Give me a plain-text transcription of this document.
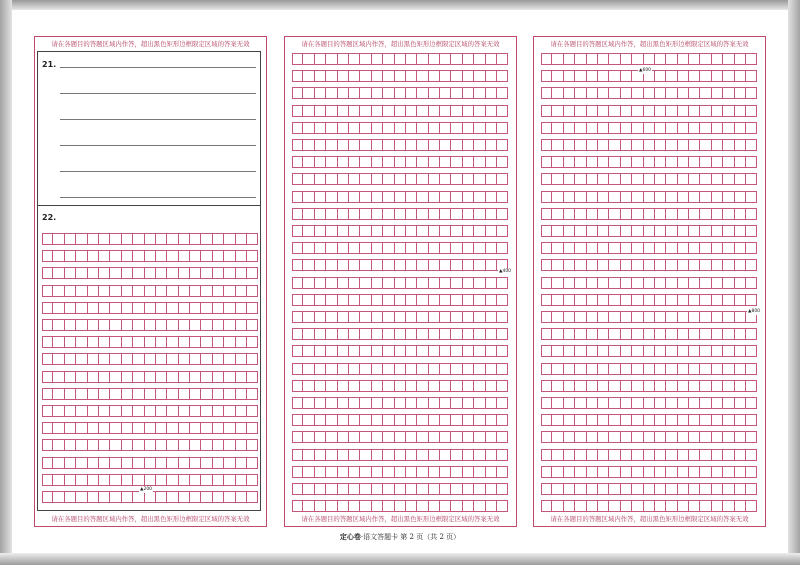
请在各题目的答题区域内作答，超出黑色矩形边框限定区域的答案无效
21.
22.
▲200
请在各题目的答题区域内作答，超出黑色矩形边框限定区域的答案无效
请在各题目的答题区域内作答，超出黑色矩形边框限定区域的答案无效
▲400
请在各题目的答题区域内作答，超出黑色矩形边框限定区域的答案无效
请在各题目的答题区域内作答，超出黑色矩形边框限定区域的答案无效
▲600
▲800
请在各题目的答题区域内作答，超出黑色矩形边框限定区域的答案无效
定心卷·语文答题卡 第 2 页（共 2 页）
